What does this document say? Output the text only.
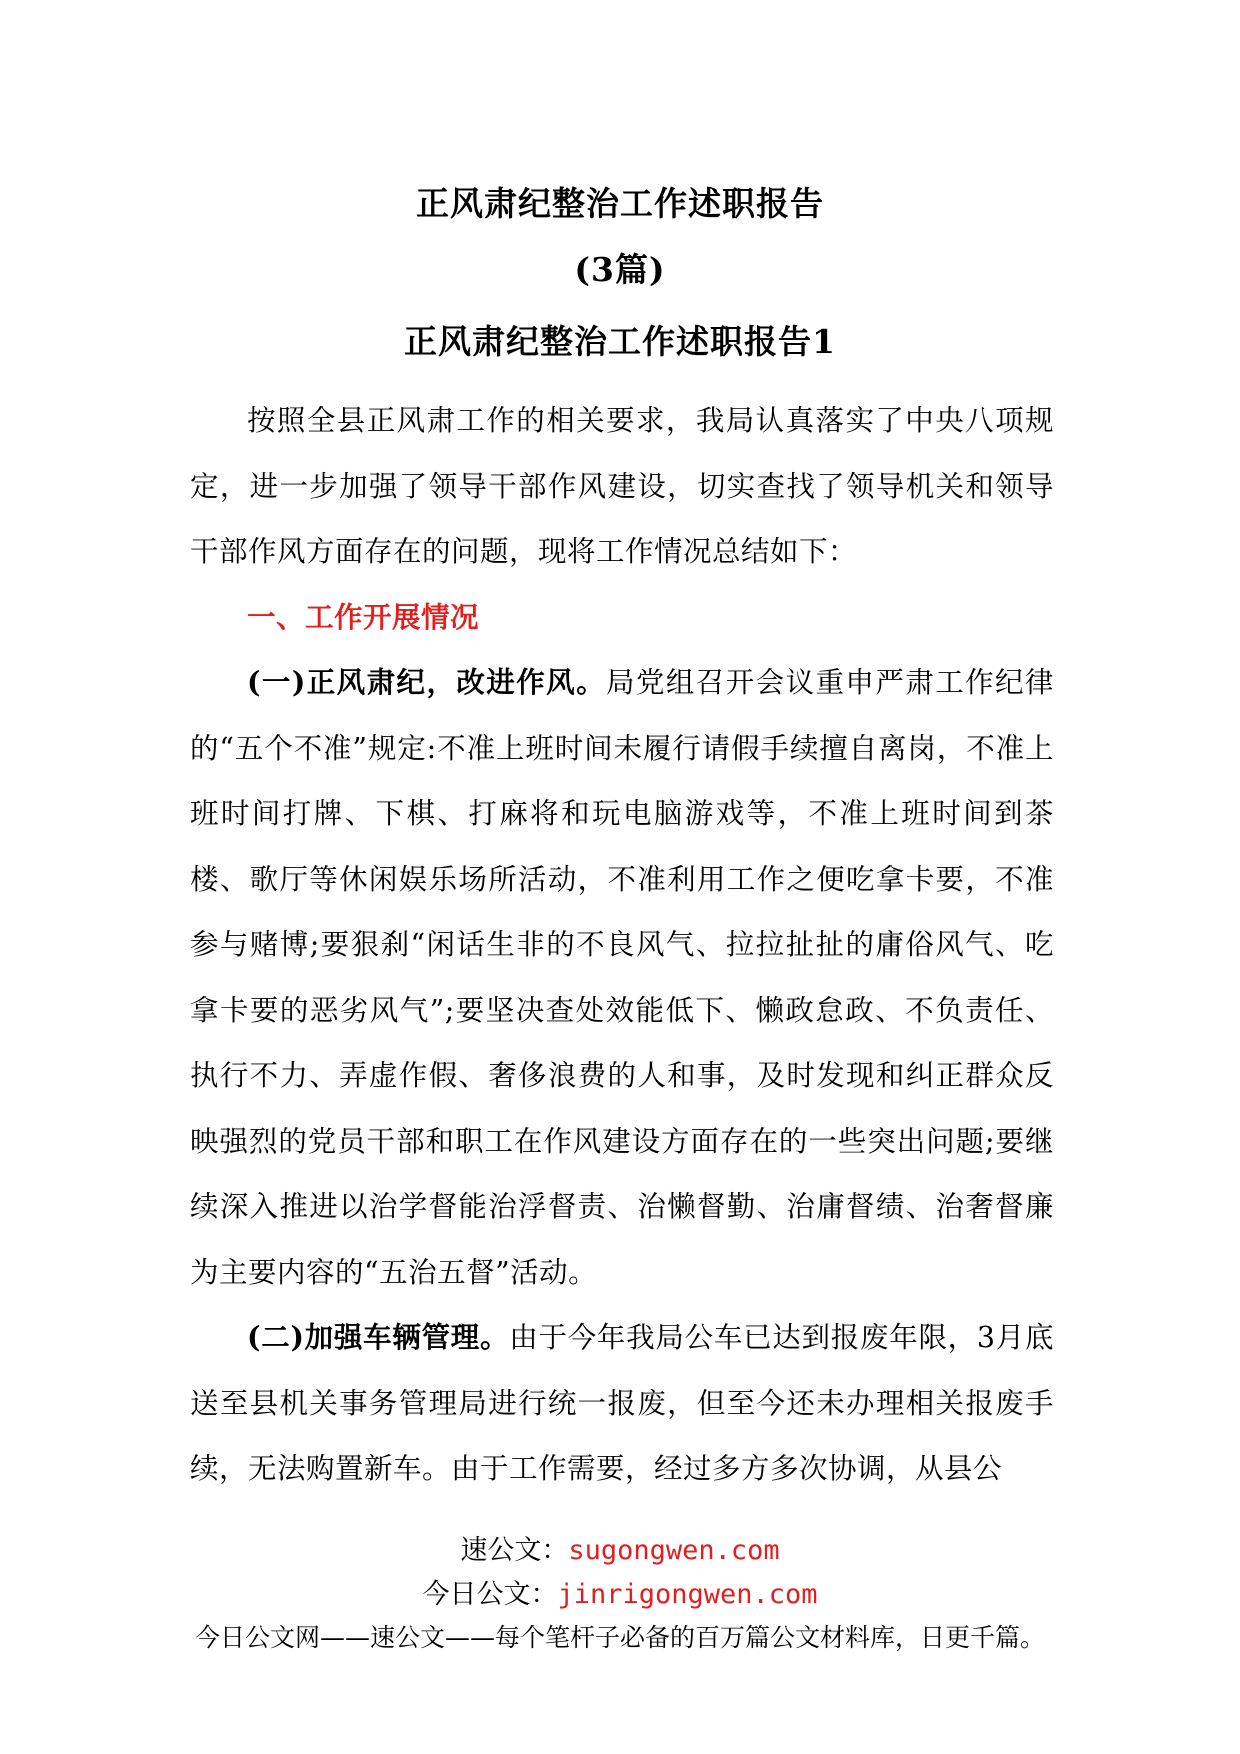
正风肃纪整治工作述职报告
(3篇)
正风肃纪整治工作述职报告1

按照全县正风肃工作的相关要求，我局认真落实了中央八项规定，进一步加强了领导干部作风建设，切实查找了领导机关和领导干部作风方面存在的问题，现将工作情况总结如下：

一、工作开展情况

(一)正风肃纪，改进作风。局党组召开会议重申严肃工作纪律的“五个不准”规定:不准上班时间未履行请假手续擅自离岗，不准上班时间打牌、下棋、打麻将和玩电脑游戏等，不准上班时间到茶楼、歌厅等休闲娱乐场所活动，不准利用工作之便吃拿卡要，不准参与赌博;要狠刹“闲话生非的不良风气、拉拉扯扯的庸俗风气、吃拿卡要的恶劣风气”;要坚决查处效能低下、懒政怠政、不负责任、执行不力、弄虚作假、奢侈浪费的人和事，及时发现和纠正群众反映强烈的党员干部和职工在作风建设方面存在的一些突出问题;要继续深入推进以治学督能治浮督责、治懒督勤、治庸督绩、治奢督廉为主要内容的“五治五督”活动。

(二)加强车辆管理。由于今年我局公车已达到报废年限，3月底送至县机关事务管理局进行统一报废，但至今还未办理相关报废手续，无法购置新车。由于工作需要，经过多方多次协调，从县公

速公文：sugongwen.com
今日公文：jinrigongwen.com
今日公文网——速公文——每个笔杆子必备的百万篇公文材料库，日更千篇。
